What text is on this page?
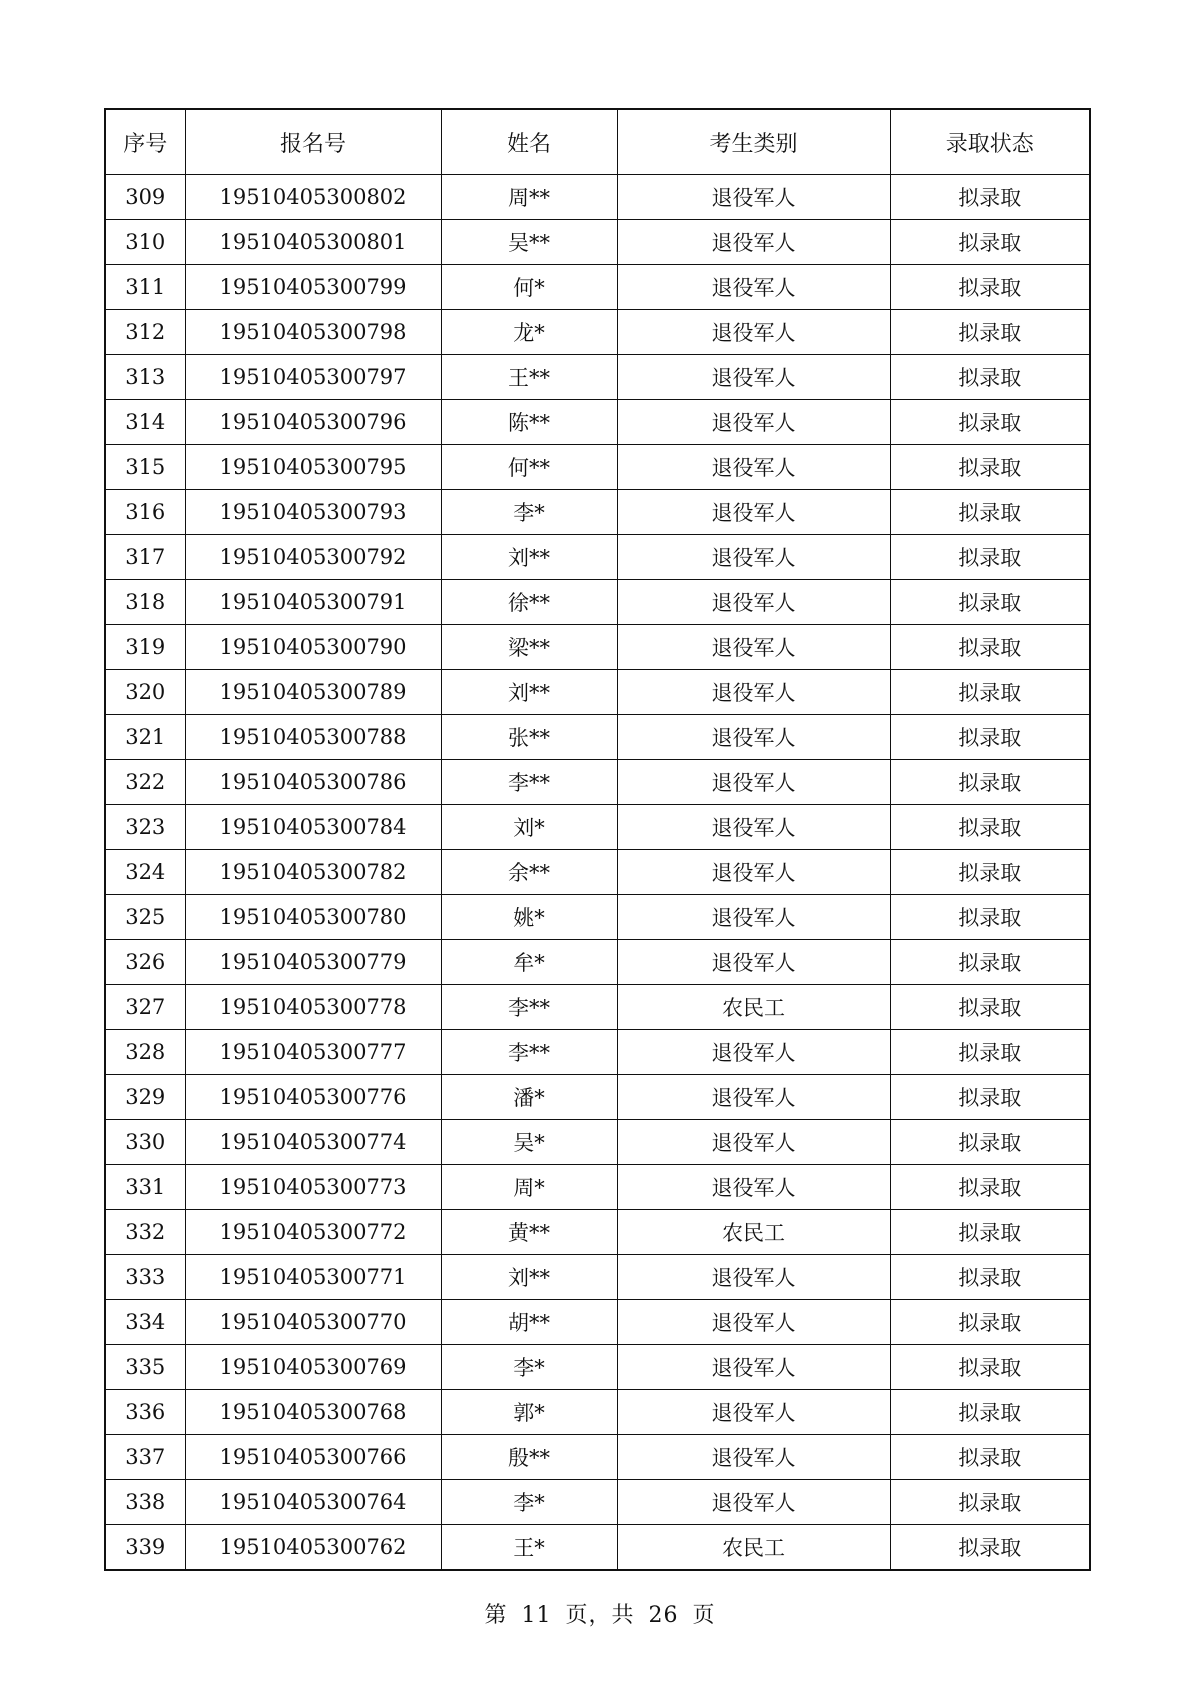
序号	报名号	姓名	考生类别	录取状态
309	19510405300802	周**	退役军人	拟录取
310	19510405300801	吴**	退役军人	拟录取
311	19510405300799	何*	退役军人	拟录取
312	19510405300798	龙*	退役军人	拟录取
313	19510405300797	王**	退役军人	拟录取
314	19510405300796	陈**	退役军人	拟录取
315	19510405300795	何**	退役军人	拟录取
316	19510405300793	李*	退役军人	拟录取
317	19510405300792	刘**	退役军人	拟录取
318	19510405300791	徐**	退役军人	拟录取
319	19510405300790	梁**	退役军人	拟录取
320	19510405300789	刘**	退役军人	拟录取
321	19510405300788	张**	退役军人	拟录取
322	19510405300786	李**	退役军人	拟录取
323	19510405300784	刘*	退役军人	拟录取
324	19510405300782	余**	退役军人	拟录取
325	19510405300780	姚*	退役军人	拟录取
326	19510405300779	牟*	退役军人	拟录取
327	19510405300778	李**	农民工	拟录取
328	19510405300777	李**	退役军人	拟录取
329	19510405300776	潘*	退役军人	拟录取
330	19510405300774	吴*	退役军人	拟录取
331	19510405300773	周*	退役军人	拟录取
332	19510405300772	黄**	农民工	拟录取
333	19510405300771	刘**	退役军人	拟录取
334	19510405300770	胡**	退役军人	拟录取
335	19510405300769	李*	退役军人	拟录取
336	19510405300768	郭*	退役军人	拟录取
337	19510405300766	殷**	退役军人	拟录取
338	19510405300764	李*	退役军人	拟录取
339	19510405300762	王*	农民工	拟录取
第 11 页，共 26 页
